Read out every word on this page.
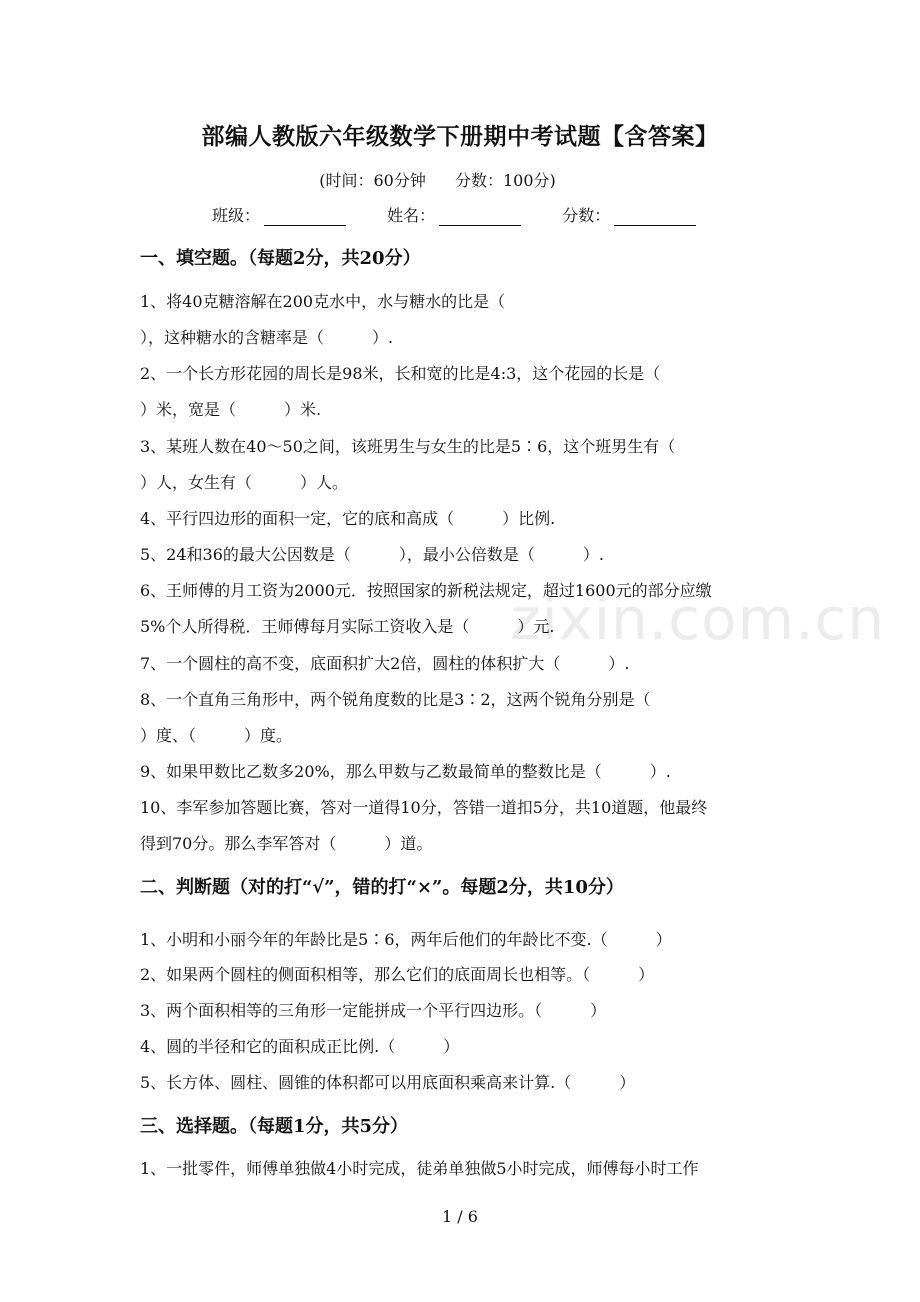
zixin.com.cn
部编人教版六年级数学下册期中考试题【含答案】
(时间：60分钟 分数：100分)
班级：	姓名：	分数：
一、填空题。（每题2分，共20分）
1、将40克糖溶解在200克水中，水与糖水的比是（
），这种糖水的含糖率是（　　　）.
2、一个长方形花园的周长是98米，长和宽的比是4:3，这个花园的长是（
）米，宽是（　　　）米.
3、某班人数在40～50之间，该班男生与女生的比是5∶6，这个班男生有（
）人，女生有（　　　）人。
4、平行四边形的面积一定，它的底和高成（　　　）比例.
5、24和36的最大公因数是（　　　），最小公倍数是（　　　）.
6、王师傅的月工资为2000元．按照国家的新税法规定，超过1600元的部分应缴
5%个人所得税．王师傅每月实际工资收入是（　　　）元.
7、一个圆柱的高不变，底面积扩大2倍，圆柱的体积扩大（　　　）.
8、一个直角三角形中，两个锐角度数的比是3∶2，这两个锐角分别是（
）度、（　　　）度。
9、如果甲数比乙数多20%，那么甲数与乙数最简单的整数比是（　　　）.
10、李军参加答题比赛，答对一道得10分，答错一道扣5分，共10道题，他最终
得到70分。那么李军答对（　　　）道。
二、判断题（对的打“√”，错的打“×”。每题2分，共10分）
1、小明和小丽今年的年龄比是5∶6，两年后他们的年龄比不变.（　　　）
2、如果两个圆柱的侧面积相等，那么它们的底面周长也相等。（　　　）
3、两个面积相等的三角形一定能拼成一个平行四边形。（　　　）
4、圆的半径和它的面积成正比例.（　　　）
5、长方体、圆柱、圆锥的体积都可以用底面积乘高来计算.（　　　）
三、选择题。（每题1分，共5分）
1、一批零件，师傅单独做4小时完成，徒弟单独做5小时完成，师傅每小时工作
1 / 6
